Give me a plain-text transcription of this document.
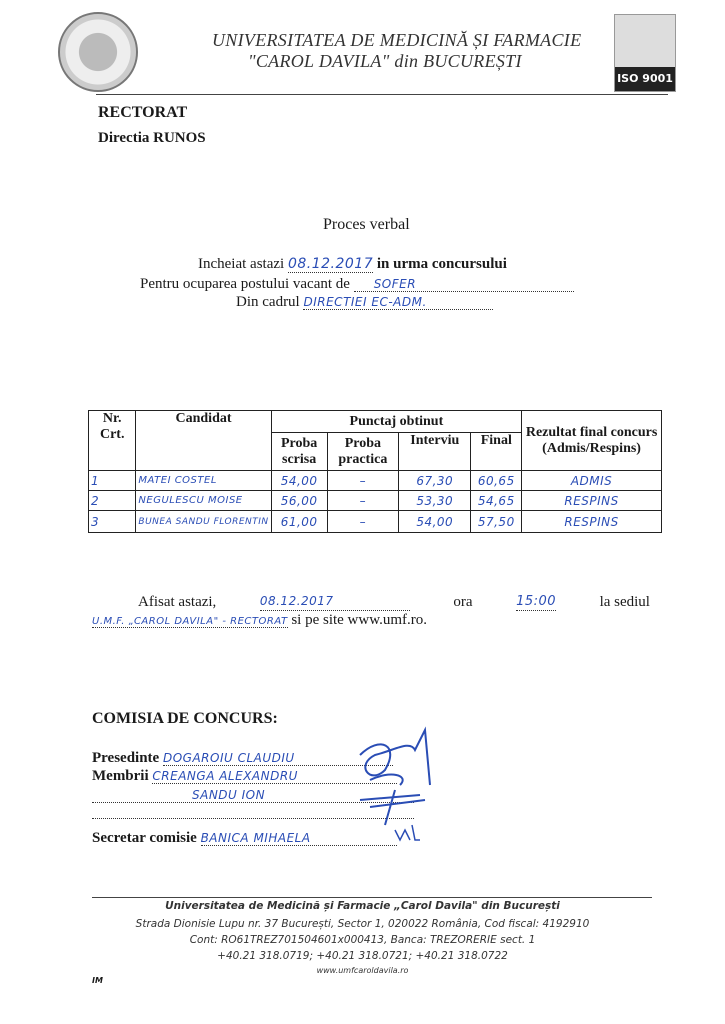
UNIVERSITATEA DE MEDICINĂ ȘI FARMACIE
"CAROL DAVILA" din BUCUREȘTI
ISO 9001
RECTORAT
Directia RUNOS
Proces verbal
Incheiat astazi 08.12.2017 in urma concursului
Pentru ocuparea postului vacant de SOFER
Din cadrul DIRECTIEI EC-ADM.
Nr. Crt.	Candidat	Punctaj obtinut				Rezultat final concurs (Admis/Respins)
		Proba scrisa	Proba practica	Interviu	Final	
1	MATEI COSTEL	54,00	–	67,30	60,65	ADMIS
2	NEGULESCU MOISE	56,00	–	53,30	54,65	RESPINS
3	BUNEA SANDU FLORENTIN	61,00	–	54,00	57,50	RESPINS
Afisat astazi,	08.12.2017	ora	15:00	la sediul
U.M.F. „CAROL DAVILA" - RECTORAT si pe site www.umf.ro.
COMISIA DE CONCURS:
Presedinte DOGAROIU CLAUDIU
Membrii CREANGA ALEXANDRU
SANDU ION
Secretar comisie BANICA MIHAELA
Universitatea de Medicină și Farmacie „Carol Davila" din București
Strada Dionisie Lupu nr. 37 București, Sector 1, 020022 România, Cod fiscal: 4192910
Cont: RO61TREZ701504601x000413, Banca: TREZORERIE sect. 1
+40.21 318.0719; +40.21 318.0721; +40.21 318.0722
www.umfcaroldavila.ro
IM
